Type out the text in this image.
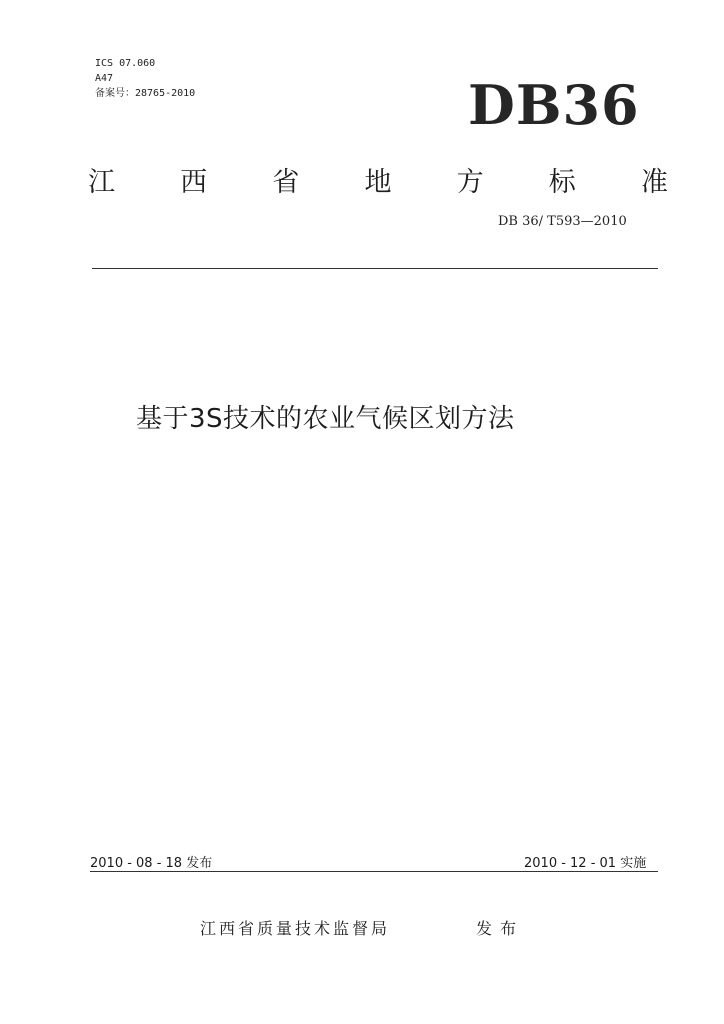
ICS 07.060
A47
备案号：28765-2010	DB36
江 西 省 地 方 标 准
DB 36/ T593—2010
基于3S技术的农业气候区划方法
2010 - 08 - 18 发布	2010 - 12 - 01 实施
江西省质量技术监督局	发布
